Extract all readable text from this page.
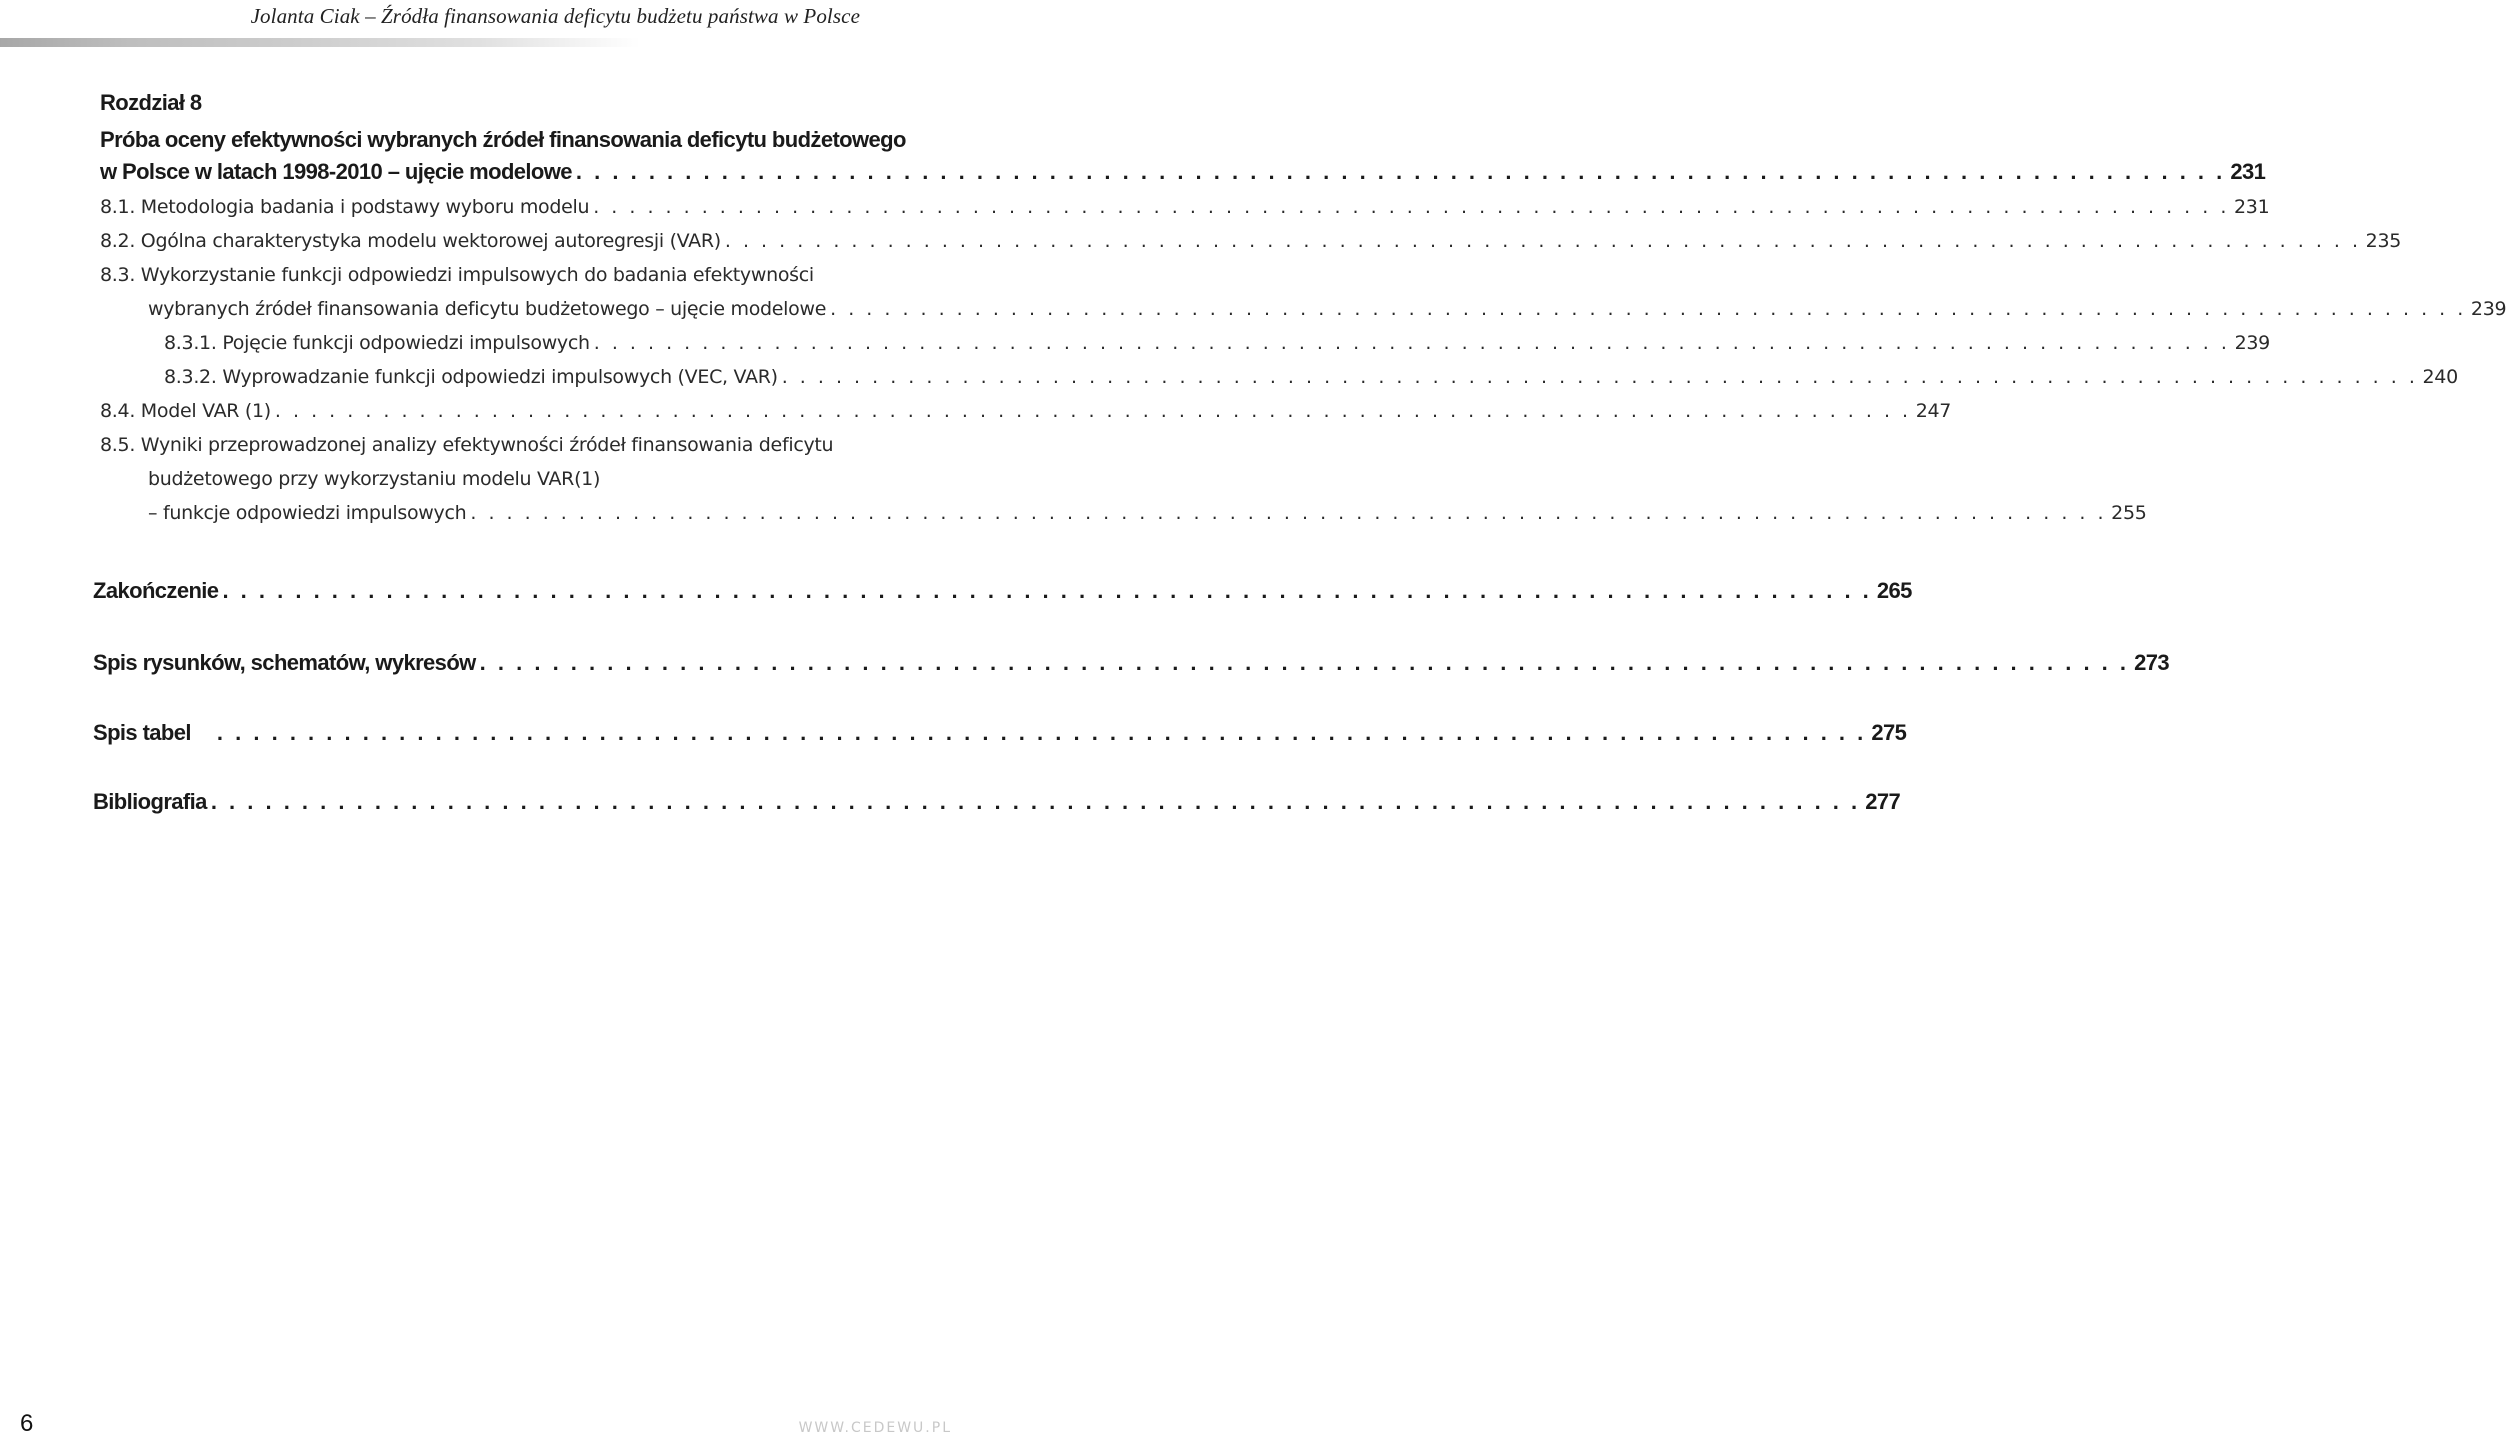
Jolanta Ciak – Źródła finansowania deficytu budżetu państwa w Polsce
Rozdział 8
Próba oceny efektywności wybranych źródeł finansowania deficytu budżetowego
w Polsce w latach 1998-2010 – ujęcie modelowe . . . . . . . . . . . . . . . . . . . . . . . . . . . . . . . . . . . . . . . . . . . . . . . . . . . . . . . . . . . . . . . . . . . . . . . . . . . . . . . . . . . . . . . . . . . 231
8.1. Metodologia badania i podstawy wyboru modelu . . . . . . . . . . . . . . . . . . . . . . . . . . . . . . . . . . . . . . . . . . . . . . . . . . . . . . . . . . . . . . . . . . . . . . . . . . . . . . . . . . . . . . . . . . . 231
8.2. Ogólna charakterystyka modelu wektorowej autoregresji (VAR) . . . . . . . . . . . . . . . . . . . . . . . . . . . . . . . . . . . . . . . . . . . . . . . . . . . . . . . . . . . . . . . . . . . . . . . . . . . . . . . . . . . . . . . . . . . 235
8.3. Wykorzystanie funkcji odpowiedzi impulsowych do badania efektywności
wybranych źródeł finansowania deficytu budżetowego – ujęcie modelowe . . . . . . . . . . . . . . . . . . . . . . . . . . . . . . . . . . . . . . . . . . . . . . . . . . . . . . . . . . . . . . . . . . . . . . . . . . . . . . . . . . . . . . . . . . . 239
8.3.1. Pojęcie funkcji odpowiedzi impulsowych . . . . . . . . . . . . . . . . . . . . . . . . . . . . . . . . . . . . . . . . . . . . . . . . . . . . . . . . . . . . . . . . . . . . . . . . . . . . . . . . . . . . . . . . . . . 239
8.3.2. Wyprowadzanie funkcji odpowiedzi impulsowych (VEC, VAR) . . . . . . . . . . . . . . . . . . . . . . . . . . . . . . . . . . . . . . . . . . . . . . . . . . . . . . . . . . . . . . . . . . . . . . . . . . . . . . . . . . . . . . . . . . . 240
8.4. Model VAR (1) . . . . . . . . . . . . . . . . . . . . . . . . . . . . . . . . . . . . . . . . . . . . . . . . . . . . . . . . . . . . . . . . . . . . . . . . . . . . . . . . . . . . . . . . . . . 247
8.5. Wyniki przeprowadzonej analizy efektywności źródeł finansowania deficytu
budżetowego przy wykorzystaniu modelu VAR(1)
– funkcje odpowiedzi impulsowych . . . . . . . . . . . . . . . . . . . . . . . . . . . . . . . . . . . . . . . . . . . . . . . . . . . . . . . . . . . . . . . . . . . . . . . . . . . . . . . . . . . . . . . . . . . 255
Zakończenie . . . . . . . . . . . . . . . . . . . . . . . . . . . . . . . . . . . . . . . . . . . . . . . . . . . . . . . . . . . . . . . . . . . . . . . . . . . . . . . . . . . . . . . . . . . 265
Spis rysunków, schematów, wykresów . . . . . . . . . . . . . . . . . . . . . . . . . . . . . . . . . . . . . . . . . . . . . . . . . . . . . . . . . . . . . . . . . . . . . . . . . . . . . . . . . . . . . . . . . . . 273
Spis tabel . . . . . . . . . . . . . . . . . . . . . . . . . . . . . . . . . . . . . . . . . . . . . . . . . . . . . . . . . . . . . . . . . . . . . . . . . . . . . . . . . . . . . . . . . . . 275
Bibliografia . . . . . . . . . . . . . . . . . . . . . . . . . . . . . . . . . . . . . . . . . . . . . . . . . . . . . . . . . . . . . . . . . . . . . . . . . . . . . . . . . . . . . . . . . . . 277
6	WWW.CEDEWU.PL
